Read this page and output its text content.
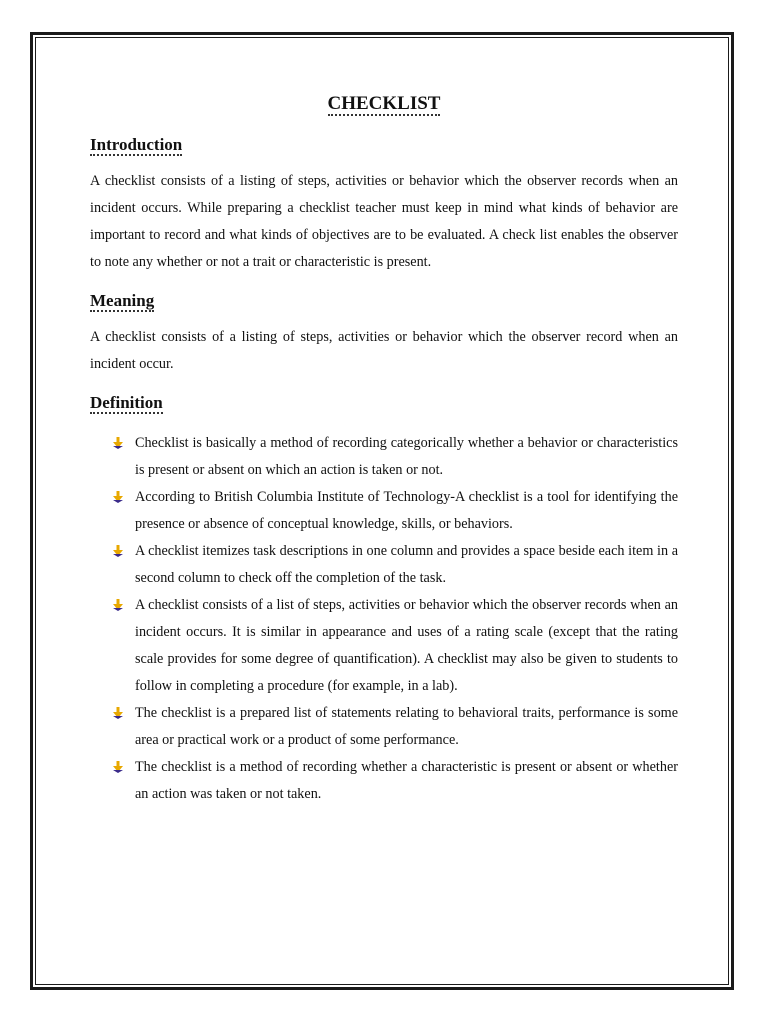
CHECKLIST
Introduction

A checklist consists of a listing of steps, activities or behavior which the observer records when an incident occurs. While preparing a checklist teacher must keep in mind what kinds of behavior are important to record and what kinds of objectives are to be evaluated. A check list enables the observer to note any whether or not a trait or characteristic is present.

Meaning

A checklist consists of a listing of steps, activities or behavior which the observer record when an incident occur.

Definition
Checklist is basically a method of recording categorically whether a behavior or characteristics is present or absent on which an action is taken or not.
According to British Columbia Institute of Technology-A checklist is a tool for identifying the presence or absence of conceptual knowledge, skills, or behaviors.
A checklist itemizes task descriptions in one column and provides a space beside each item in a second column to check off the completion of the task.
A checklist consists of a list of steps, activities or behavior which the observer records when an incident occurs. It is similar in appearance and uses of a rating scale (except that the rating scale provides for some degree of quantification). A checklist may also be given to students to follow in completing a procedure (for example, in a lab).
The checklist is a prepared list of statements relating to behavioral traits, performance is some area or practical work or a product of some performance.
The checklist is a method of recording whether a characteristic is present or absent or whether an action was taken or not taken.
